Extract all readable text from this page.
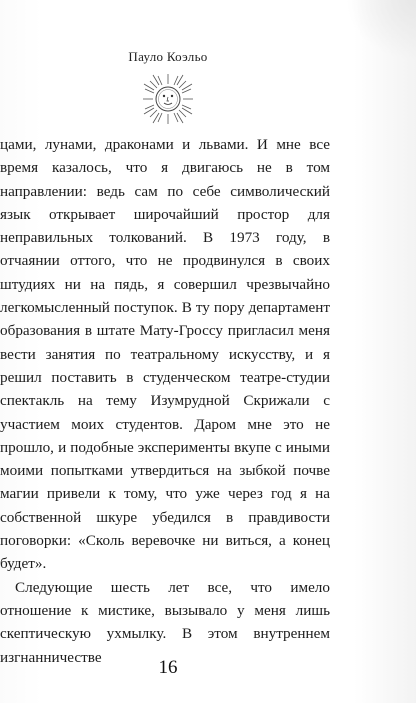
Пауло Коэльо

цами, лунами, драконами и львами. И мне все время казалось, что я двигаюсь не в том направлении: ведь сам по себе символический язык открывает широчайший простор для неправильных толкований. В 1973 году, в отчаянии оттого, что не продвинулся в своих штудиях ни на пядь, я совершил чрезвычайно легкомысленный поступок. В ту пору департамент образования в штате Мату-Гроссу пригласил меня вести занятия по театральному искусству, и я решил поставить в студенческом театре-студии спектакль на тему Изумрудной Скрижали с участием моих студентов. Даром мне это не прошло, и подобные эксперименты вкупе с иными моими попытками утвердиться на зыбкой почве магии привели к тому, что уже через год я на собственной шкуре убедился в правдивости поговорки: «Сколь веревочке ни виться, а конец будет».

Следующие шесть лет все, что имело отношение к мистике, вызывало у меня лишь скептическую ухмылку. В этом внутреннем изгнанничестве	16
